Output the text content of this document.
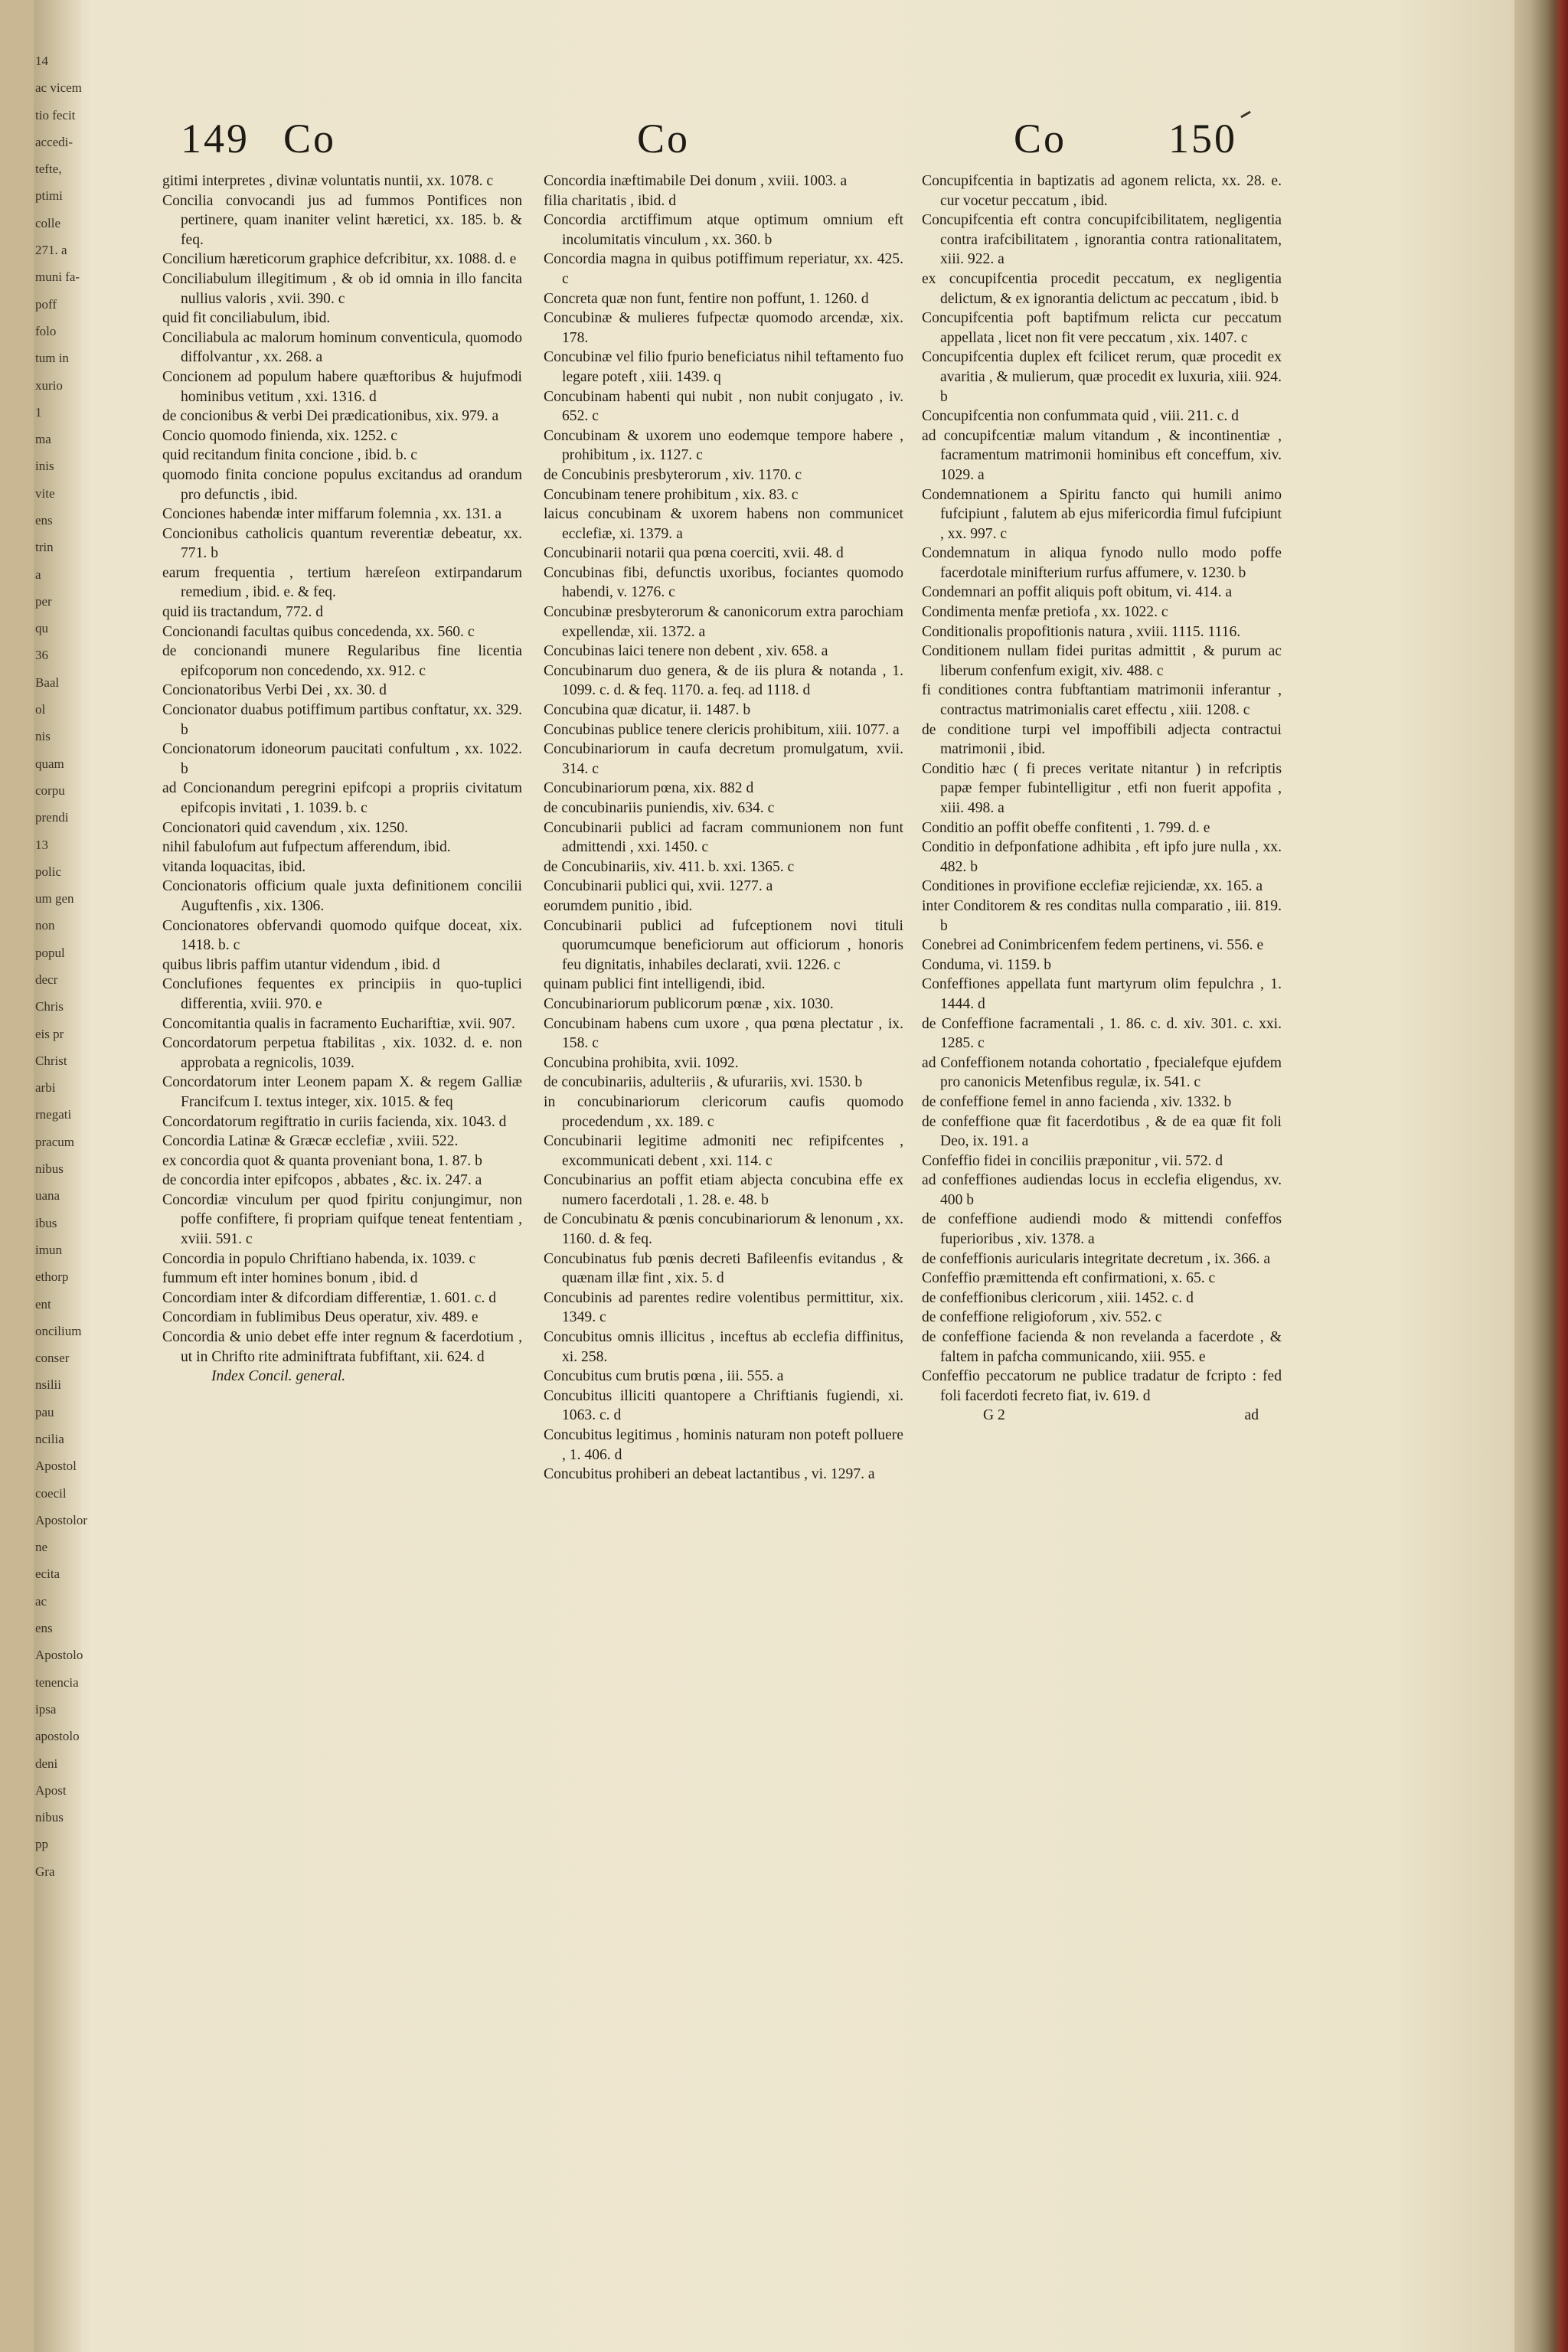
14
ac vicem
tio fecit
accedi-
tefte,
ptimi
colle
271. a
muni fa-
poff
folo
tum in
xurio
1
ma
inis
vite
ens
trin
a
per
qu
36
Baal
ol
nis
quam
corpu
prendi
13
polic
um gen
non
popul
decr
Chris
eis pr
Christ
arbi
rnegati
pracum
nibus
uana
ibus
imun
ethorp
ent
oncilium
conser
nsilii
pau
ncilia
Apostol
coecil
Apostolor
ne
ecita
ac
ens
Apostolo
tenencia
ipsa
apostolo
deni
Apost
nibus
pp
Gra
149 Co	Co	Co 150
gitimi interpretes , divinæ voluntatis nuntii, xx. 1078. c
Concilia convocandi jus ad fummos Pontifices non pertinere, quam inaniter velint hæretici, xx. 185. b. & feq.
Concilium hæreticorum graphice defcribitur, xx. 1088. d. e
Conciliabulum illegitimum , & ob id omnia in illo fancita nullius valoris , xvii. 390. c
quid fit conciliabulum, ibid.
Conciliabula ac malorum hominum conventicula, quomodo diffolvantur , xx. 268. a
Concionem ad populum habere quæftoribus & hujufmodi hominibus vetitum , xxi. 1316. d
de concionibus & verbi Dei prædicationibus, xix. 979. a
Concio quomodo finienda, xix. 1252. c
quid recitandum finita concione , ibid. b. c
quomodo finita concione populus excitandus ad orandum pro defunctis , ibid.
Conciones habendæ inter miffarum folemnia , xx. 131. a
Concionibus catholicis quantum reverentiæ debeatur, xx. 771. b
earum frequentia , tertium hæreſeon extirpandarum remedium , ibid. e. & feq.
quid iis tractandum, 772. d
Concionandi facultas quibus concedenda, xx. 560. c
de concionandi munere Regularibus fine licentia epifcoporum non concedendo, xx. 912. c
Concionatoribus Verbi Dei , xx. 30. d
Concionator duabus potiffimum partibus conftatur, xx. 329. b
Concionatorum idoneorum paucitati confultum , xx. 1022. b
ad Concionandum peregrini epifcopi a propriis civitatum epifcopis invitati , 1. 1039. b. c
Concionatori quid cavendum , xix. 1250.
nihil fabulofum aut fufpectum afferendum, ibid.
vitanda loquacitas, ibid.
Concionatoris officium quale juxta definitionem concilii Auguftenfis , xix. 1306.
Concionatores obfervandi quomodo quifque doceat, xix. 1418. b. c
quibus libris paffim utantur videndum , ibid. d
Conclufiones fequentes ex principiis in quo-tuplici differentia, xviii. 970. e
Concomitantia qualis in facramento Euchariftiæ, xvii. 907.
Concordatorum perpetua ftabilitas , xix. 1032. d. e. non approbata a regnicolis, 1039.
Concordatorum inter Leonem papam X. & regem Galliæ Francifcum I. textus integer, xix. 1015. & feq
Concordatorum regiftratio in curiis facienda, xix. 1043. d
Concordia Latinæ & Græcæ ecclefiæ , xviii. 522.
ex concordia quot & quanta proveniant bona, 1. 87. b
de concordia inter epifcopos , abbates , &c. ix. 247. a
Concordiæ vinculum per quod fpiritu conjungimur, non poffe confiftere, fi propriam quifque teneat fententiam , xviii. 591. c
Concordia in populo Chriftiano habenda, ix. 1039. c
fummum eft inter homines bonum , ibid. d
Concordiam inter & difcordiam differentiæ, 1. 601. c. d
Concordiam in fublimibus Deus operatur, xiv. 489. e
Concordia & unio debet effe inter regnum & facerdotium , ut in Chrifto rite adminiftrata fubfiftant, xii. 624. d
Index Concil. general.
Concordia inæftimabile Dei donum , xviii. 1003. a
filia charitatis , ibid. d
Concordia arctiffimum atque optimum omnium eft incolumitatis vinculum , xx. 360. b
Concordia magna in quibus potiffimum reperiatur, xx. 425. c
Concreta quæ non funt, fentire non poffunt, 1. 1260. d
Concubinæ & mulieres fufpectæ quomodo arcendæ, xix. 178.
Concubinæ vel filio fpurio beneficiatus nihil teftamento fuo legare poteft , xiii. 1439. q
Concubinam habenti qui nubit , non nubit conjugato , iv. 652. c
Concubinam & uxorem uno eodemque tempore habere , prohibitum , ix. 1127. c
de Concubinis presbyterorum , xiv. 1170. c
Concubinam tenere prohibitum , xix. 83. c
laicus concubinam & uxorem habens non communicet ecclefiæ, xi. 1379. a
Concubinarii notarii qua pœna coerciti, xvii. 48. d
Concubinas fibi, defunctis uxoribus, fociantes quomodo habendi, v. 1276. c
Concubinæ presbyterorum & canonicorum extra parochiam expellendæ, xii. 1372. a
Concubinas laici tenere non debent , xiv. 658. a
Concubinarum duo genera, & de iis plura & notanda , 1. 1099. c. d. & feq. 1170. a. feq. ad 1118. d
Concubina quæ dicatur, ii. 1487. b
Concubinas publice tenere clericis prohibitum, xiii. 1077. a
Concubinariorum in caufa decretum promulgatum, xvii. 314. c
Concubinariorum pœna, xix. 882 d
de concubinariis puniendis, xiv. 634. c
Concubinarii publici ad facram communionem non funt admittendi , xxi. 1450. c
de Concubinariis, xiv. 411. b. xxi. 1365. c
Concubinarii publici qui, xvii. 1277. a
eorumdem punitio , ibid.
Concubinarii publici ad fufceptionem novi tituli quorumcumque beneficiorum aut officiorum , honoris feu dignitatis, inhabiles declarati, xvii. 1226. c
quinam publici fint intelligendi, ibid.
Concubinariorum publicorum pœnæ , xix. 1030.
Concubinam habens cum uxore , qua pœna plectatur , ix. 158. c
Concubina prohibita, xvii. 1092.
de concubinariis, adulteriis , & ufurariis, xvi. 1530. b
in concubinariorum clericorum caufis quomodo procedendum , xx. 189. c
Concubinarii legitime admoniti nec refipifcentes , excommunicati debent , xxi. 114. c
Concubinarius an poffit etiam abjecta concubina effe ex numero facerdotali , 1. 28. e. 48. b
de Concubinatu & pœnis concubinariorum & lenonum , xx. 1160. d. & feq.
Concubinatus fub pœnis decreti Bafileenfis evitandus , & quænam illæ fint , xix. 5. d
Concubinis ad parentes redire volentibus permittitur, xix. 1349. c
Concubitus omnis illicitus , inceftus ab ecclefia diffinitus, xi. 258.
Concubitus cum brutis pœna , iii. 555. a
Concubitus illiciti quantopere a Chriftianis fugiendi, xi. 1063. c. d
Concubitus legitimus , hominis naturam non poteft polluere , 1. 406. d
Concubitus prohiberi an debeat lactantibus , vi. 1297. a
Concupifcentia in baptizatis ad agonem relicta, xx. 28. e. cur vocetur peccatum , ibid.
Concupifcentia eft contra concupifcibilitatem, negligentia contra irafcibilitatem , ignorantia contra rationalitatem, xiii. 922. a
ex concupifcentia procedit peccatum, ex negligentia delictum, & ex ignorantia delictum ac peccatum , ibid. b
Concupifcentia poft baptifmum relicta cur peccatum appellata , licet non fit vere peccatum , xix. 1407. c
Concupifcentia duplex eft fcilicet rerum, quæ procedit ex avaritia , & mulierum, quæ procedit ex luxuria, xiii. 924. b
Concupifcentia non confummata quid , viii. 211. c. d
ad concupifcentiæ malum vitandum , & incontinentiæ , facramentum matrimonii hominibus eft conceffum, xiv. 1029. a
Condemnationem a Spiritu fancto qui humili animo fufcipiunt , falutem ab ejus mifericordia fimul fufcipiunt , xx. 997. c
Condemnatum in aliqua fynodo nullo modo poffe facerdotale minifterium rurfus affumere, v. 1230. b
Condemnari an poffit aliquis poft obitum, vi. 414. a
Condimenta menfæ pretiofa , xx. 1022. c
Conditionalis propofitionis natura , xviii. 1115. 1116.
Conditionem nullam fidei puritas admittit , & purum ac liberum confenfum exigit, xiv. 488. c
fi conditiones contra fubftantiam matrimonii inferantur , contractus matrimonialis caret effectu , xiii. 1208. c
de conditione turpi vel impoffibili adjecta contractui matrimonii , ibid.
Conditio hæc ( fi preces veritate nitantur ) in refcriptis papæ femper fubintelligitur , etfi non fuerit appofita , xiii. 498. a
Conditio an poffit obeffe confitenti , 1. 799. d. e
Conditio in defponfatione adhibita , eft ipfo jure nulla , xx. 482. b
Conditiones in provifione ecclefiæ rejiciendæ, xx. 165. a
inter Conditorem & res conditas nulla comparatio , iii. 819. b
Conebrei ad Conimbricenfem fedem pertinens, vi. 556. e
Conduma, vi. 1159. b
Confeffiones appellata funt martyrum olim fepulchra , 1. 1444. d
de Confeffione facramentali , 1. 86. c. d. xiv. 301. c. xxi. 1285. c
ad Confeffionem notanda cohortatio , fpecialefque ejufdem pro canonicis Metenfibus regulæ, ix. 541. c
de confeffione femel in anno facienda , xiv. 1332. b
de confeffione quæ fit facerdotibus , & de ea quæ fit foli Deo, ix. 191. a
Confeffio fidei in conciliis præponitur , vii. 572. d
ad confeffiones audiendas locus in ecclefia eligendus, xv. 400 b
de confeffione audiendi modo & mittendi confeffos fuperioribus , xiv. 1378. a
de confeffionis auricularis integritate decretum , ix. 366. a
Confeffio præmittenda eft confirmationi, x. 65. c
de confeffionibus clericorum , xiii. 1452. c. d
de confeffione religioforum , xiv. 552. c
de confeffione facienda & non revelanda a facerdote , & faltem in pafcha communicando, xiii. 955. e
Confeffio peccatorum ne publice tradatur de fcripto : fed foli facerdoti fecreto fiat, iv. 619. d
G 2	ad
